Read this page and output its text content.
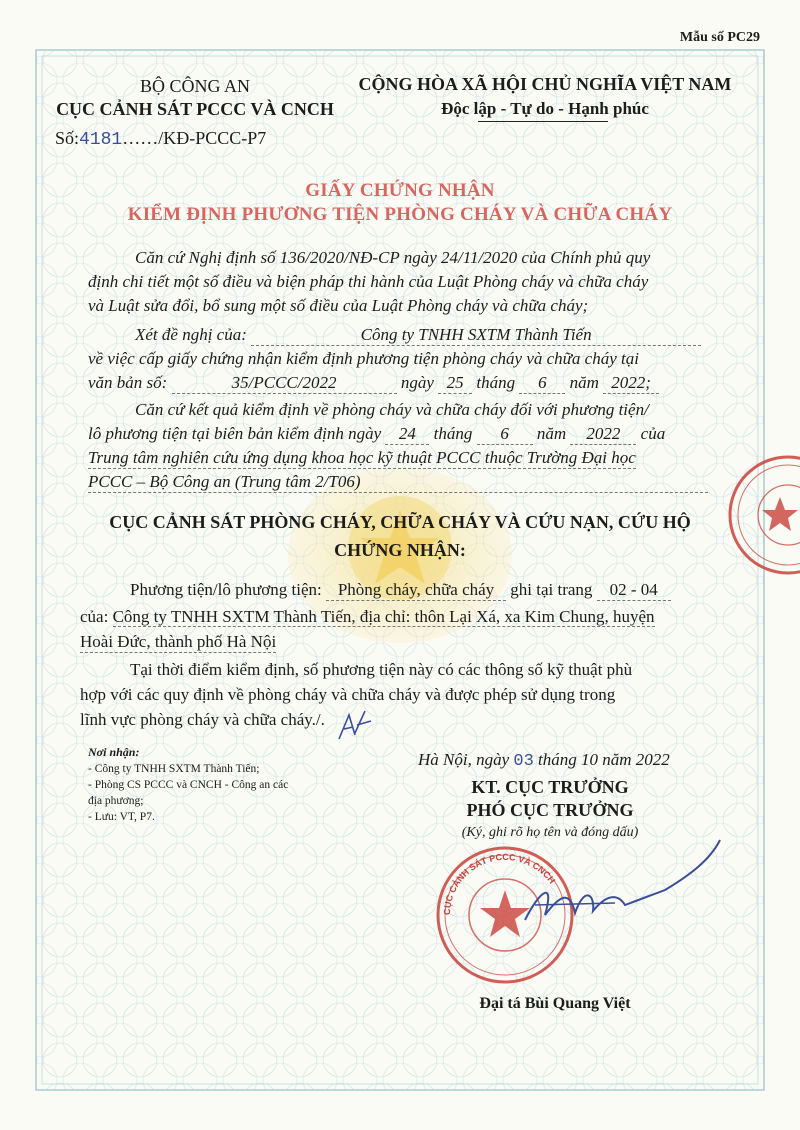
Mẫu số PC29
BỘ CÔNG AN
CỤC CẢNH SÁT PCCC VÀ CNCH
Số:4181……/KĐ-PCCC-P7
CỘNG HÒA XÃ HỘI CHỦ NGHĨA VIỆT NAM
Độc lập - Tự do - Hạnh phúc
GIẤY CHỨNG NHẬN
KIỂM ĐỊNH PHƯƠNG TIỆN PHÒNG CHÁY VÀ CHỮA CHÁY
Căn cứ Nghị định số 136/2020/NĐ-CP ngày 24/11/2020 của Chính phủ quy
định chi tiết một số điều và biện pháp thi hành của Luật Phòng cháy và chữa cháy
và Luật sửa đổi, bổ sung một số điều của Luật Phòng cháy và chữa cháy;
Xét đề nghị của:	Công ty TNHH SXTM Thành Tiến
về việc cấp giấy chứng nhận kiểm định phương tiện phòng cháy và chữa cháy tại
văn bản số:	35/PCCC/2022	ngày 25 tháng 6 năm 2022;
Căn cứ kết quả kiểm định về phòng cháy và chữa cháy đối với phương tiện/
lô phương tiện tại biên bản kiểm định ngày 24 tháng 6 năm 2022 của
Trung tâm nghiên cứu ứng dụng khoa học kỹ thuật PCCC thuộc Trường Đại học
PCCC – Bộ Công an (Trung tâm 2/T06)
CỤC CẢNH SÁT PHÒNG CHÁY, CHỮA CHÁY VÀ CỨU NẠN, CỨU HỘ
CHỨNG NHẬN:
Phương tiện/lô phương tiện: Phòng cháy, chữa cháy ghi tại trang 02 - 04
của: Công ty TNHH SXTM Thành Tiến, địa chỉ: thôn Lại Xá, xa Kim Chung, huyện
Hoài Đức, thành phố Hà Nội
Tại thời điểm kiểm định, số phương tiện này có các thông số kỹ thuật phù
hợp với các quy định về phòng cháy và chữa cháy và được phép sử dụng trong
lĩnh vực phòng cháy và chữa cháy./.
Nơi nhận:
- Công ty TNHH SXTM Thành Tiến;
- Phòng CS PCCC và CNCH - Công an các
địa phương;
- Lưu: VT, P7.
Hà Nội, ngày 03 tháng 10 năm 2022
KT. CỤC TRƯỞNG
PHÓ CỤC TRƯỞNG
(Ký, ghi rõ họ tên và đóng dấu)
CỤC CẢNH SÁT PCCC VÀ CNCH
Đại tá Bùi Quang Việt
